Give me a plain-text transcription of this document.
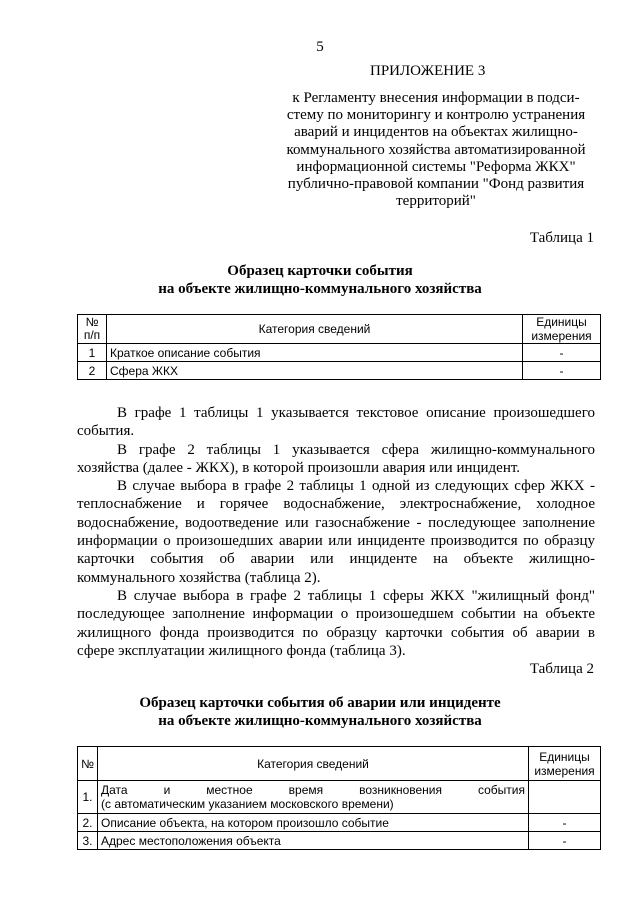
5
ПРИЛОЖЕНИЕ 3
к Регламенту внесения информации в подси-
стему по мониторингу и контролю устранения
аварий и инцидентов на объектах жилищно-
коммунального хозяйства автоматизированной
информационной системы "Реформа ЖКХ"
публично-правовой компании "Фонд развития
территорий"
Таблица 1
Образец карточки события
на объекте жилищно-коммунального хозяйства
№
п/п	Категория сведений	Единицы
измерения
1	Краткое описание события	-
2	Сфера ЖКХ	-

В графе 1 таблицы 1 указывается текстовое описание произошедшего события.

В графе 2 таблицы 1 указывается сфера жилищно-коммунального хозяйства (далее - ЖКХ), в которой произошли авария или инцидент.

В случае выбора в графе 2 таблицы 1 одной из следующих сфер ЖКХ - теплоснабжение и горячее водоснабжение, электроснабжение, холодное водоснабжение, водоотведение или газоснабжение - последующее заполнение информации о произошедших аварии или инциденте производится по образцу карточки события об аварии или инциденте на объекте жилищно-коммунального хозяйства (таблица 2).

В случае выбора в графе 2 таблицы 1 сферы ЖКХ "жилищный фонд" последующее заполнение информации о произошедшем событии на объекте жилищного фонда производится по образцу карточки события об аварии в сфере эксплуатации жилищного фонда (таблица 3).

Таблица 2
Образец карточки события об аварии или инциденте
на объекте жилищно-коммунального хозяйства
№	Категория сведений	Единицы
измерения
1.	Дата и местное время возникновения события
(с автоматическим указанием московского времени)	

2.	Описание объекта, на котором произошло событие	-
3.	Адрес местоположения объекта	-
